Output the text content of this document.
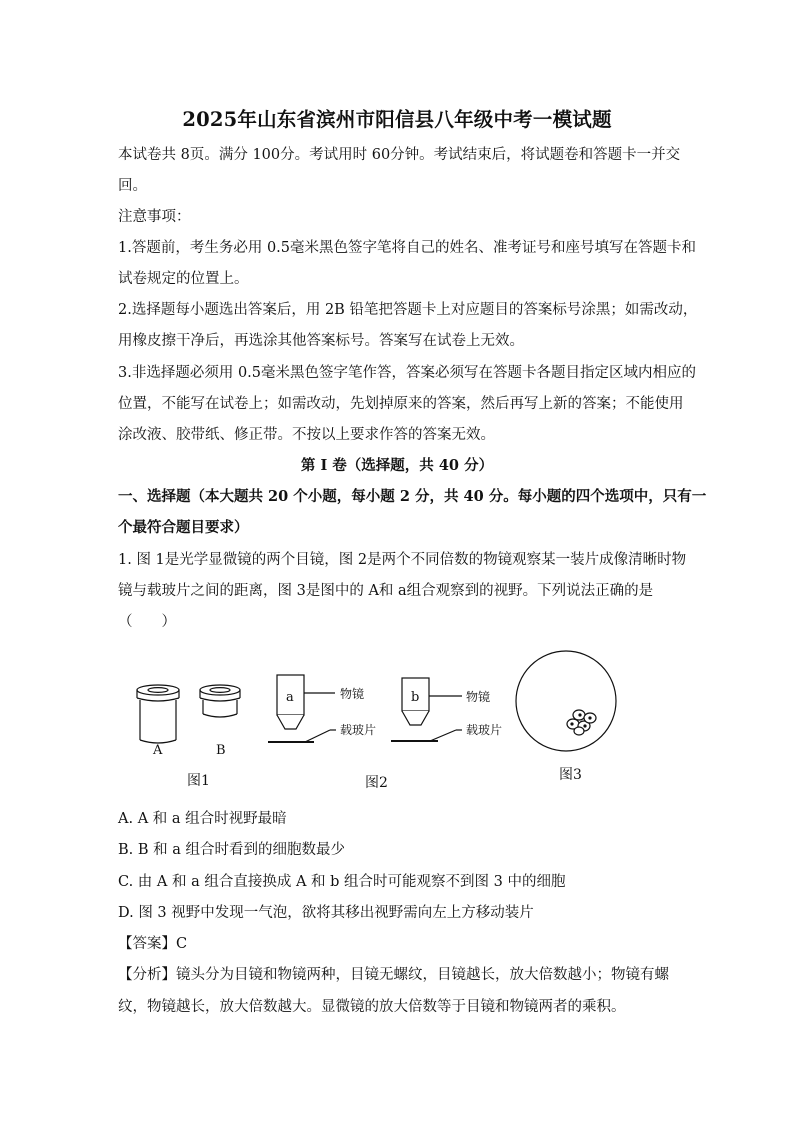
2025年山东省滨州市阳信县八年级中考一模试题
本试卷共 8页。满分 100分。考试用时 60分钟。考试结束后，将试题卷和答题卡一并交
回。
注意事项：
1.答题前，考生务必用 0.5毫米黑色签字笔将自己的姓名、准考证号和座号填写在答题卡和
试卷规定的位置上。
2.选择题每小题选出答案后，用 2B 铅笔把答题卡上对应题目的答案标号涂黑；如需改动，
用橡皮擦干净后，再选涂其他答案标号。答案写在试卷上无效。
3.非选择题必须用 0.5毫米黑色签字笔作答，答案必须写在答题卡各题目指定区域内相应的
位置，不能写在试卷上；如需改动，先划掉原来的答案，然后再写上新的答案；不能使用
涂改液、胶带纸、修正带。不按以上要求作答的答案无效。
第 I 卷（选择题，共 40 分）
一、选择题（本大题共 20 个小题，每小题 2 分，共 40 分。每小题的四个选项中，只有一
个最符合题目要求）
1. 图 1是光学显微镜的两个目镜，图 2是两个不同倍数的物镜观察某一装片成像清晰时物
镜与载玻片之间的距离，图 3是图中的 A和 a组合观察到的视野。下列说法正确的是
（　　）
A	B
a	b
物镜
载玻片
物镜
载玻片
图1	图2	图3
A. A 和 a 组合时视野最暗
B. B 和 a 组合时看到的细胞数最少
C. 由 A 和 a 组合直接换成 A 和 b 组合时可能观察不到图 3 中的细胞
D. 图 3 视野中发现一气泡，欲将其移出视野需向左上方移动装片
【答案】C
【分析】镜头分为目镜和物镜两种，目镜无螺纹，目镜越长，放大倍数越小；物镜有螺
纹，物镜越长，放大倍数越大。显微镜的放大倍数等于目镜和物镜两者的乘积。
